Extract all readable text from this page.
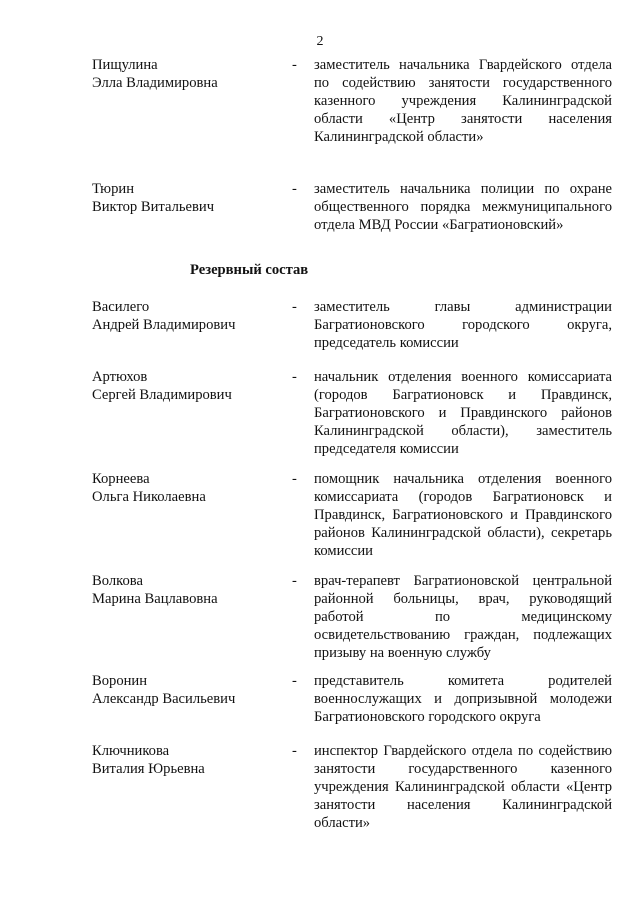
2
Пищулина
Элла Владимировна
- заместитель начальника Гвардейского отдела по содействию занятости государственного казенного учреждения Калининградской области «Центр занятости населения Калининградской области»
Тюрин
Виктор Витальевич
- заместитель начальника полиции по охране общественного порядка межмуниципального отдела МВД России «Багратионовский»
Резервный состав
Василего
Андрей Владимирович
- заместитель главы администрации Багратионовского городского округа, председатель комиссии
Артюхов
Сергей Владимирович
- начальник отделения военного комиссариата (городов Багратионовск и Правдинск, Багратионовского и Правдинского районов Калининградской области), заместитель председателя комиссии
Корнеева
Ольга Николаевна
- помощник начальника отделения военного комиссариата (городов Багратионовск и Правдинск, Багратионовского и Правдинского районов Калининградской области), секретарь комиссии
Волкова
Марина Вацлавовна
- врач-терапевт Багратионовской центральной районной больницы, врач, руководящий работой по медицинскому освидетельствованию граждан, подлежащих призыву на военную службу
Воронин
Александр Васильевич
- представитель комитета родителей военнослужащих и допризывной молодежи Багратионовского городского округа
Ключникова
Виталия Юрьевна
- инспектор Гвардейского отдела по содействию занятости государственного казенного учреждения Калининградской области «Центр занятости населения Калининградской области»
